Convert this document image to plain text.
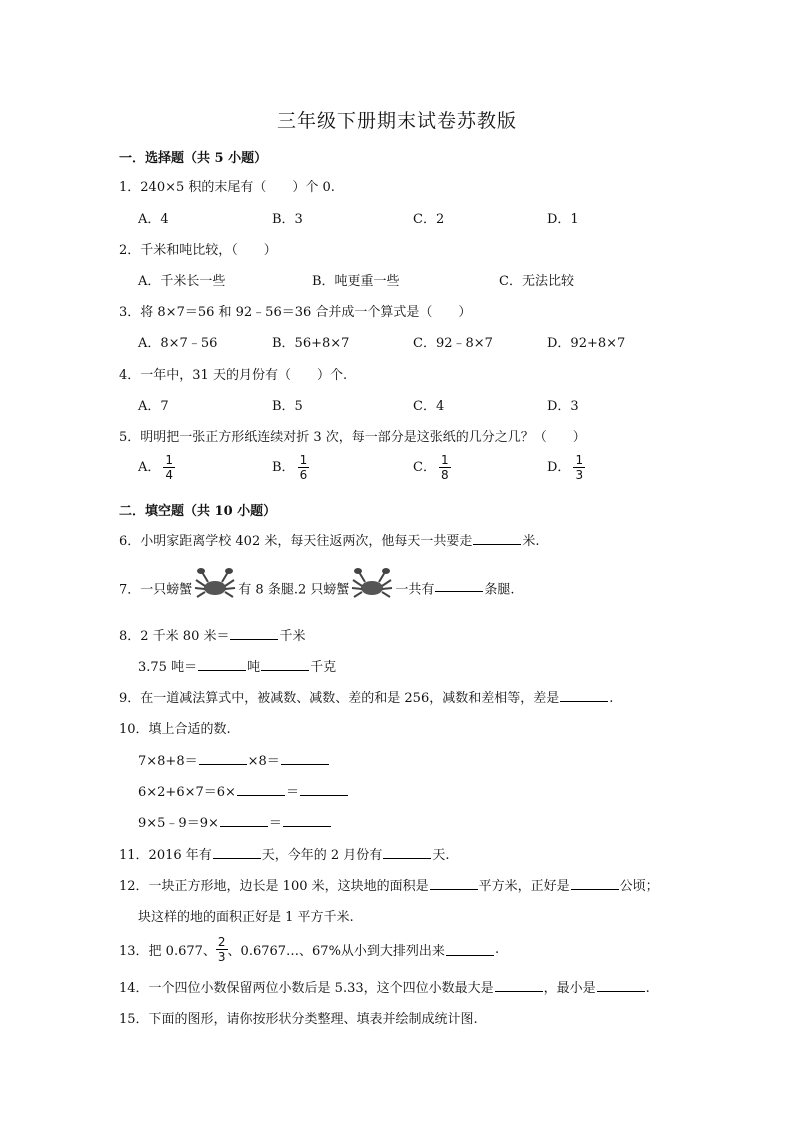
三年级下册期末试卷苏教版
一．选择题（共 5 小题）
1．240×5 积的末尾有（　　）个 0.
A．4	B．3	C．2	D．1
2．千米和吨比较，（　　）
A．千米长一些	B．吨更重一些	C．无法比较
3．将 8×7＝56 和 92﹣56＝36 合并成一个算式是（　　）
A．8×7﹣56	B．56+8×7	C．92﹣8×7	D．92+8×7
4．一年中，31 天的月份有（　　）个.
A．7	B．5	C．4	D．3
5．明明把一张正方形纸连续对折 3 次，每一部分是这张纸的几分之几？（　　）
A． $\frac{1}{4}$	B． $\frac{1}{6}$	C． $\frac{1}{8}$	D． $\frac{1}{3}$
二．填空题（共 10 小题）
6．小明家距离学校 402 米，每天往返两次，他每天一共要走	米.
7．一只螃蟹	有 8 条腿.2 只螃蟹	一共有	条腿.
8．2 千米 80 米＝	千米
3.75 吨＝	吨	千克
9．在一道减法算式中，被减数、减数、差的和是 256，减数和差相等，差是	.
10．填上合适的数.
7×8+8＝	×8＝
6×2+6×7＝6×	＝
9×5﹣9＝9×	＝
11．2016 年有	天，今年的 2 月份有	天.
12．一块正方形地，边长是 100 米，这块地的面积是	平方米，正好是	公顷；
块这样的地的面积正好是 1 平方千米.
13．把 0.677、 $\frac{2}{3}$ 、0.6767…、67%从小到大排列出来	.
14．一个四位小数保留两位小数后是 5.33，这个四位小数最大是	，最小是	.
15．下面的图形，请你按形状分类整理、填表并绘制成统计图.
